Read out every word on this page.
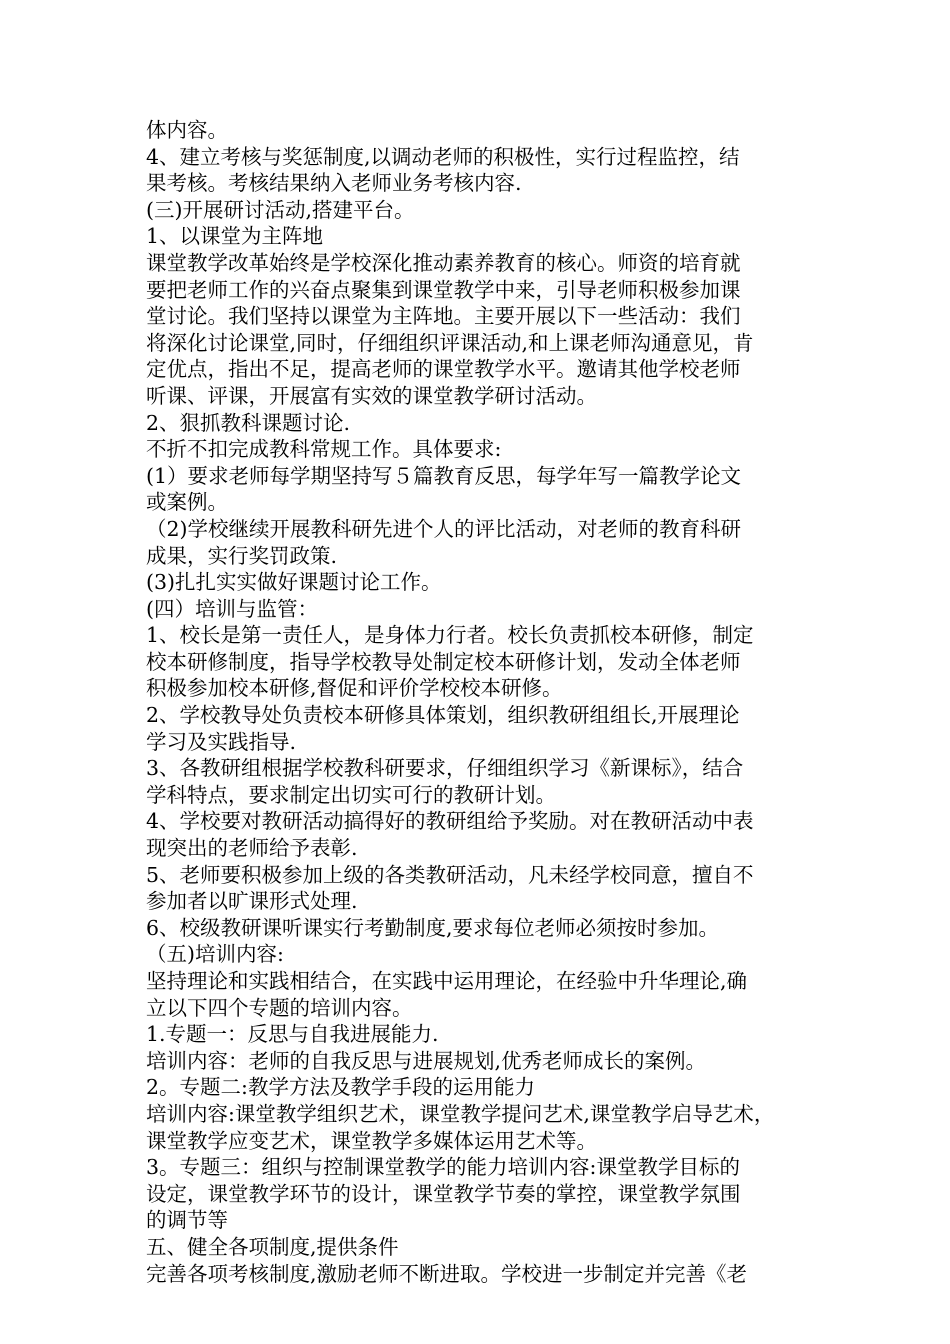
体内容。
4、建立考核与奖惩制度,以调动老师的积极性，实行过程监控，结
果考核。考核结果纳入老师业务考核内容.
(三)开展研讨活动,搭建平台。
1、以课堂为主阵地
课堂教学改革始终是学校深化推动素养教育的核心。师资的培育就
要把老师工作的兴奋点聚集到课堂教学中来，引导老师积极参加课
堂讨论。我们坚持以课堂为主阵地。主要开展以下一些活动：我们
将深化讨论课堂,同时，仔细组织评课活动,和上课老师沟通意见，肯
定优点，指出不足，提高老师的课堂教学水平。邀请其他学校老师
听课、评课，开展富有实效的课堂教学研讨活动。
2、狠抓教科课题讨论.
不折不扣完成教科常规工作。具体要求:
(1）要求老师每学期坚持写５篇教育反思，每学年写一篇教学论文
或案例。
（2)学校继续开展教科研先进个人的评比活动，对老师的教育科研
成果，实行奖罚政策.
(3)扎扎实实做好课题讨论工作。
(四）培训与监管：
1、校长是第一责任人，是身体力行者。校长负责抓校本研修，制定
校本研修制度，指导学校教导处制定校本研修计划，发动全体老师
积极参加校本研修,督促和评价学校校本研修。
2、学校教导处负责校本研修具体策划，组织教研组组长,开展理论
学习及实践指导.
3、各教研组根据学校教科研要求，仔细组织学习《新课标》，结合
学科特点，要求制定出切实可行的教研计划。
4、学校要对教研活动搞得好的教研组给予奖励。对在教研活动中表
现突出的老师给予表彰.
5、老师要积极参加上级的各类教研活动，凡未经学校同意，擅自不
参加者以旷课形式处理.
6、校级教研课听课实行考勤制度,要求每位老师必须按时参加。
（五)培训内容:
坚持理论和实践相结合，在实践中运用理论，在经验中升华理论,确
立以下四个专题的培训内容。
1.专题一：反思与自我进展能力.
培训内容：老师的自我反思与进展规划,优秀老师成长的案例。
2。专题二:教学方法及教学手段的运用能力
培训内容:课堂教学组织艺术，课堂教学提问艺术,课堂教学启导艺术，
课堂教学应变艺术，课堂教学多媒体运用艺术等。
3。专题三：组织与控制课堂教学的能力培训内容:课堂教学目标的
设定，课堂教学环节的设计，课堂教学节奏的掌控，课堂教学氛围
的调节等
五、健全各项制度,提供条件
完善各项考核制度,激励老师不断进取。学校进一步制定并完善《老
